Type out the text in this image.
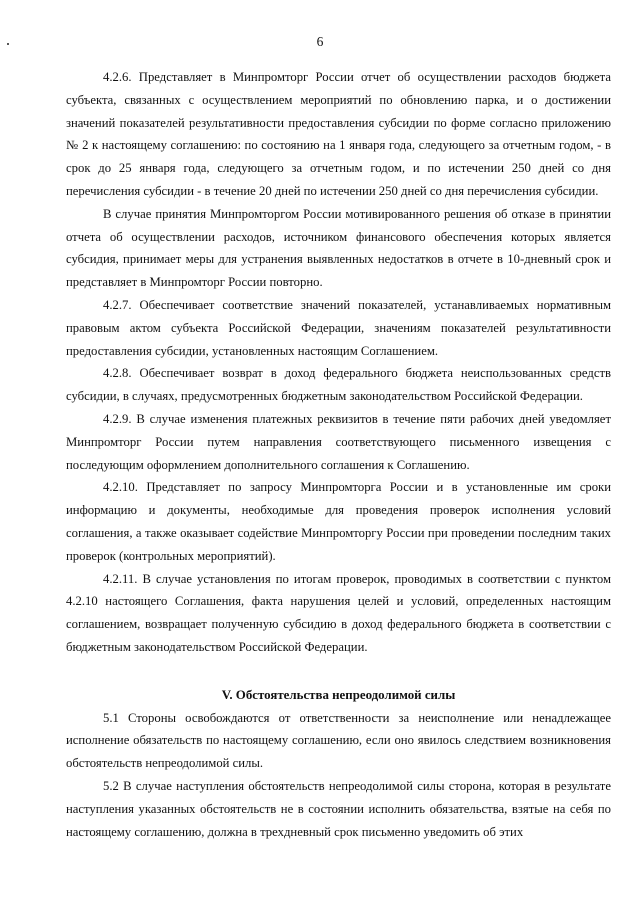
6

4.2.6. Представляет в Минпромторг России отчет об осуществлении расходов бюджета субъекта, связанных с осуществлением мероприятий по обновлению парка, и о достижении значений показателей результативности предоставления субсидии по форме согласно приложению № 2 к настоящему соглашению: по состоянию на 1 января года, следующего за отчетным годом, - в срок до 25 января года, следующего за отчетным годом, и по истечении 250 дней со дня перечисления субсидии - в течение 20 дней по истечении 250 дней со дня перечисления субсидии.

В случае принятия Минпромторгом России мотивированного решения об отказе в принятии отчета об осуществлении расходов, источником финансового обеспечения которых является субсидия, принимает меры для устранения выявленных недостатков в отчете в 10-дневный срок и представляет в Минпромторг России повторно.

4.2.7. Обеспечивает соответствие значений показателей, устанавливаемых нормативным правовым актом субъекта Российской Федерации, значениям показателей результативности предоставления субсидии, установленных настоящим Соглашением.

4.2.8. Обеспечивает возврат в доход федерального бюджета неиспользованных средств субсидии, в случаях, предусмотренных бюджетным законодательством Российской Федерации.

4.2.9. В случае изменения платежных реквизитов в течение пяти рабочих дней уведомляет Минпромторг России путем направления соответствующего письменного извещения с последующим оформлением дополнительного соглашения к Соглашению.

4.2.10. Представляет по запросу Минпромторга России и в установленные им сроки информацию и документы, необходимые для проведения проверок исполнения условий соглашения, а также оказывает содействие Минпромторгу России при проведении последним таких проверок (контрольных мероприятий).

4.2.11. В случае установления по итогам проверок, проводимых в соответствии с пунктом 4.2.10 настоящего Соглашения, факта нарушения целей и условий, определенных настоящим соглашением, возвращает полученную субсидию в доход федерального бюджета в соответствии с бюджетным законодательством Российской Федерации.

V. Обстоятельства непреодолимой силы

5.1 Стороны освобождаются от ответственности за неисполнение или ненадлежащее исполнение обязательств по настоящему соглашению, если оно явилось следствием возникновения обстоятельств непреодолимой силы.

5.2 В случае наступления обстоятельств непреодолимой силы сторона, которая в результате наступления указанных обстоятельств не в состоянии исполнить обязательства, взятые на себя по настоящему соглашению, должна в трехдневный срок письменно уведомить об этих
